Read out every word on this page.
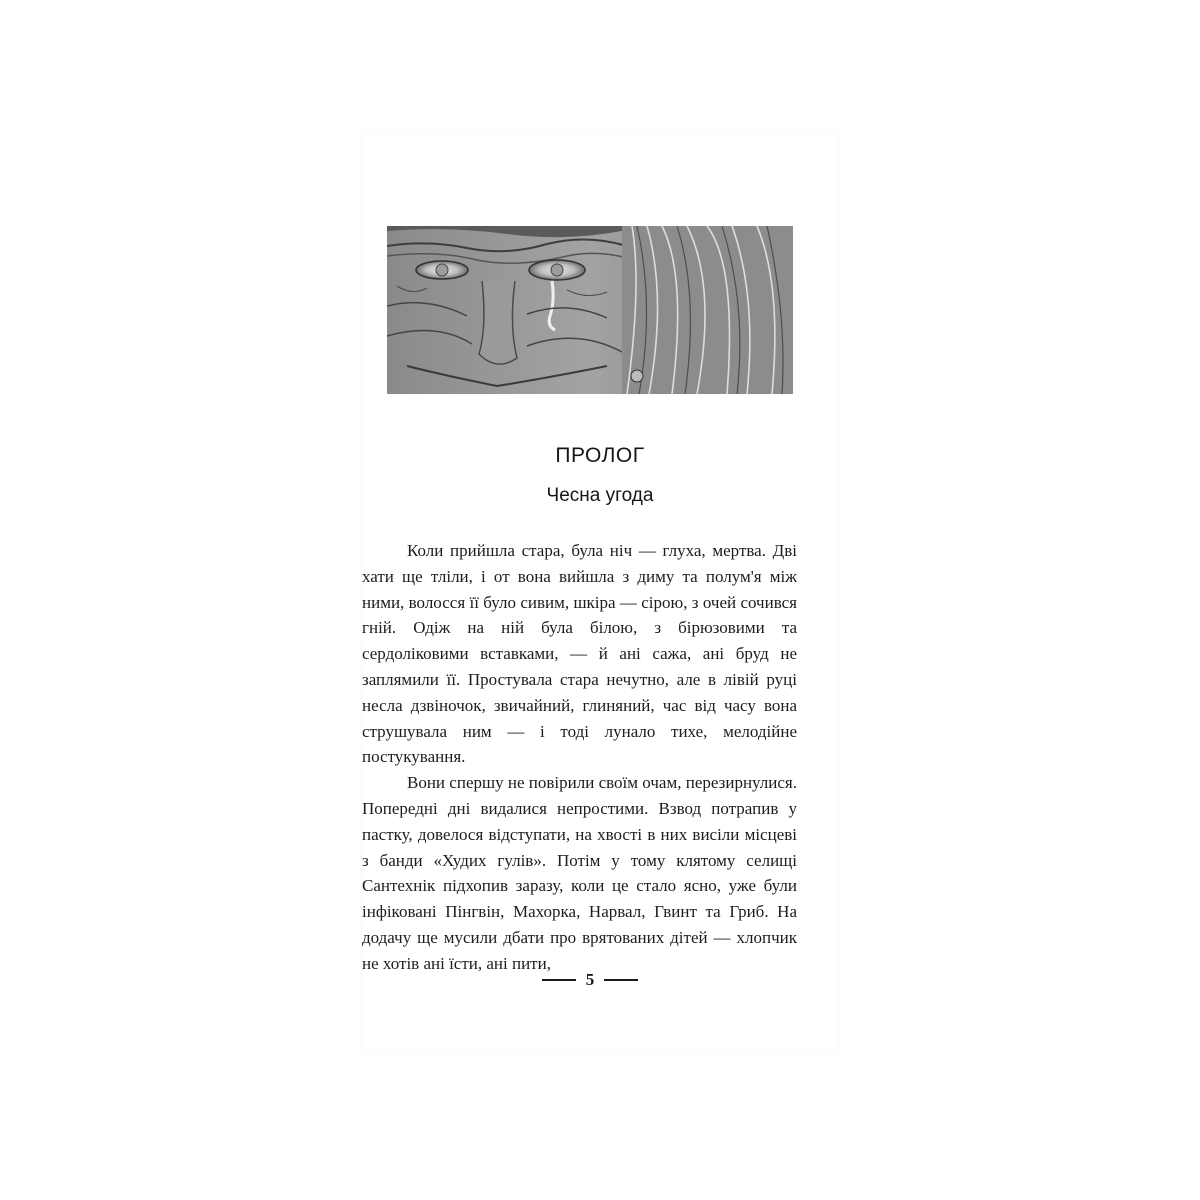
ПРОЛОГ
Чесна угода

Коли прийшла стара, була ніч — глуха, мертва. Дві хати ще тліли, і от вона вийшла з диму та полум'я між ними, волосся її було сивим, шкіра — сірою, з очей сочився гній. Одіж на ній була білою, з бірюзовими та сердоліковими вставками, — й ані сажа, ані бруд не заплямили її. Простувала стара нечутно, але в лівій руці несла дзвіночок, звичайний, глиняний, час від часу вона струшувала ним — і тоді лунало тихе, мелодійне постукування.

Вони спершу не повірили своїм очам, перезирнулися. Попередні дні видалися непростими. Взвод потрапив у пастку, довелося відступати, на хвості в них висіли місцеві з банди «Худих гулів». Потім у тому клятому селищі Сантехнік підхопив заразу, коли це стало ясно, уже були інфіковані Пінгвін, Махорка, Нарвал, Гвинт та Гриб. На додачу ще мусили дбати про врятованих дітей — хлопчик не хотів ані їсти, ані пити,

5
